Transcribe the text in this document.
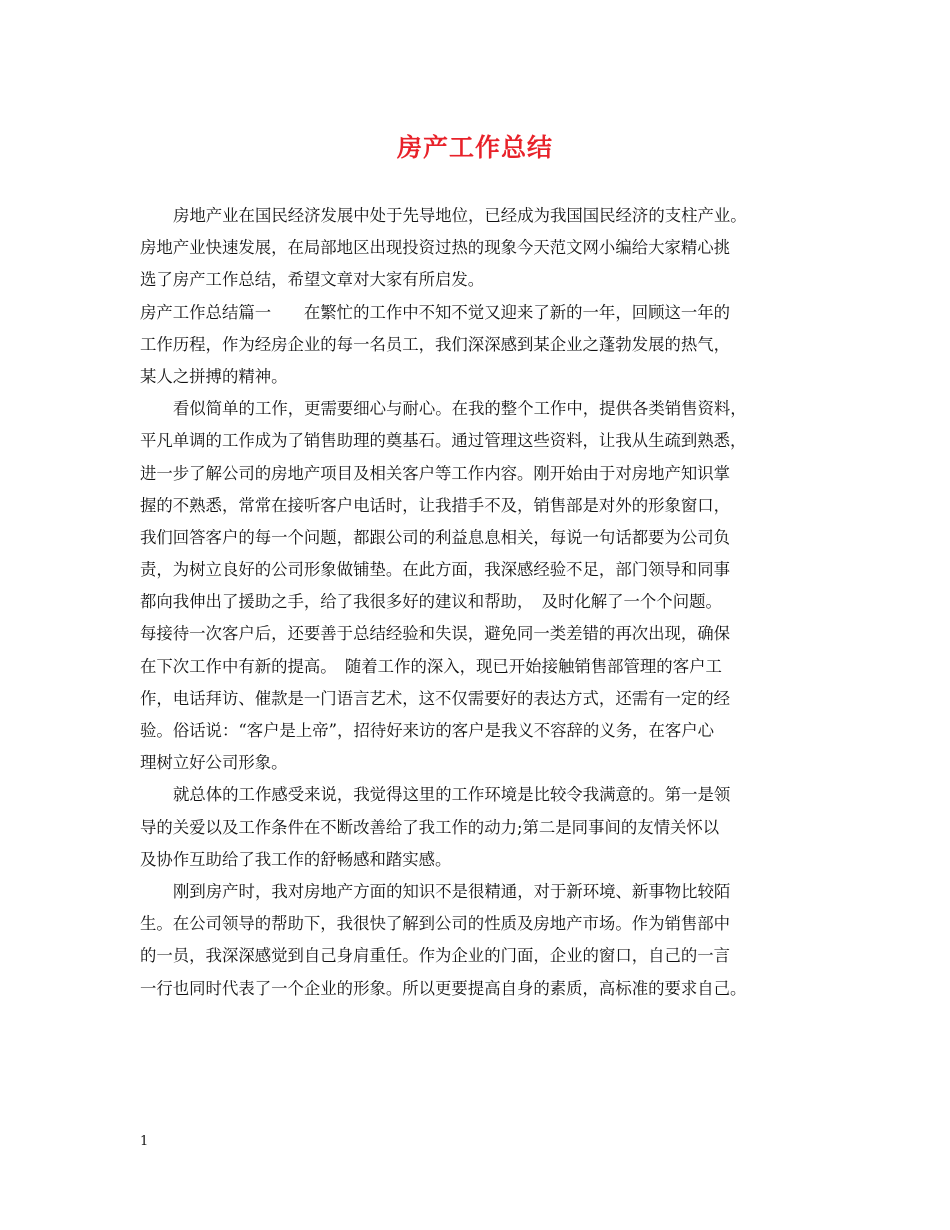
房产工作总结
房地产业在国民经济发展中处于先导地位，已经成为我国国民经济的支柱产业。
房地产业快速发展，在局部地区出现投资过热的现象今天范文网小编给大家精心挑
选了房产工作总结，希望文章对大家有所启发。
房产工作总结篇一　　在繁忙的工作中不知不觉又迎来了新的一年，回顾这一年的
工作历程，作为经房企业的每一名员工，我们深深感到某企业之蓬勃发展的热气，
某人之拼搏的精神。
看似简单的工作，更需要细心与耐心。在我的整个工作中，提供各类销售资料，
平凡单调的工作成为了销售助理的奠基石。通过管理这些资料，让我从生疏到熟悉，
进一步了解公司的房地产项目及相关客户等工作内容。刚开始由于对房地产知识掌
握的不熟悉，常常在接听客户电话时，让我措手不及，销售部是对外的形象窗口，
我们回答客户的每一个问题，都跟公司的利益息息相关，每说一句话都要为公司负
责，为树立良好的公司形象做铺垫。在此方面，我深感经验不足，部门领导和同事
都向我伸出了援助之手，给了我很多好的建议和帮助，　及时化解了一个个问题。
每接待一次客户后，还要善于总结经验和失误，避免同一类差错的再次出现，确保
在下次工作中有新的提高。　随着工作的深入，现已开始接触销售部管理的客户工
作，电话拜访、催款是一门语言艺术，这不仅需要好的表达方式，还需有一定的经
验。俗话说：“客户是上帝”，招待好来访的客户是我义不容辞的义务，在客户心
理树立好公司形象。
就总体的工作感受来说，我觉得这里的工作环境是比较令我满意的。第一是领
导的关爱以及工作条件在不断改善给了我工作的动力;第二是同事间的友情关怀以
及协作互助给了我工作的舒畅感和踏实感。
刚到房产时，我对房地产方面的知识不是很精通，对于新环境、新事物比较陌
生。在公司领导的帮助下，我很快了解到公司的性质及房地产市场。作为销售部中
的一员，我深深感觉到自己身肩重任。作为企业的门面，企业的窗口，自己的一言
一行也同时代表了一个企业的形象。所以更要提高自身的素质，高标准的要求自己。
1
